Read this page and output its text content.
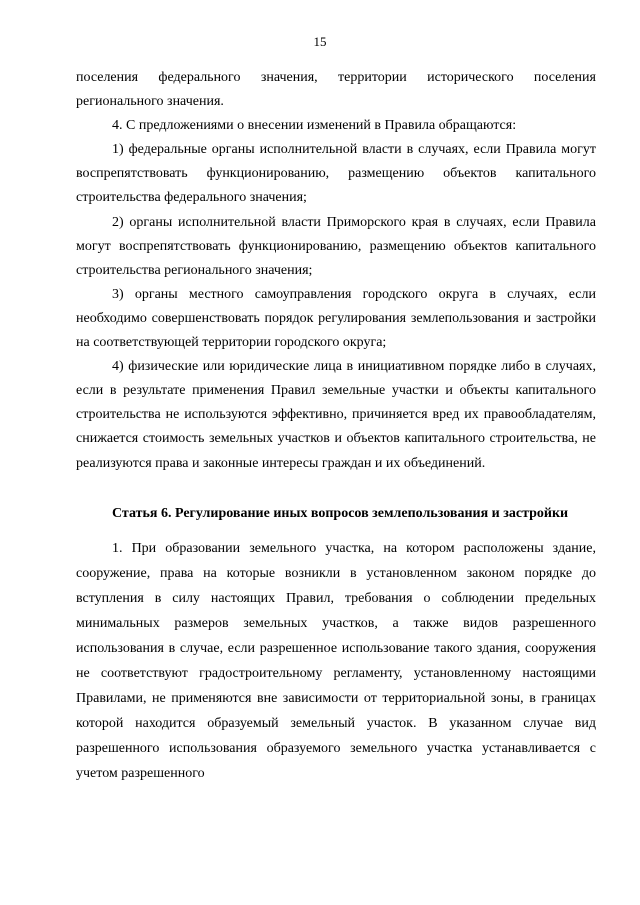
15

поселения федерального значения, территории исторического поселения регионального значения.

4. С предложениями о внесении изменений в Правила обращаются:

1) федеральные органы исполнительной власти в случаях, если Правила могут воспрепятствовать функционированию, размещению объектов капитального строительства федерального значения;

2) органы исполнительной власти Приморского края в случаях, если Правила могут воспрепятствовать функционированию, размещению объектов капитального строительства регионального значения;

3) органы местного самоуправления городского округа в случаях, если необходимо совершенствовать порядок регулирования землепользования и застройки на соответствующей территории городского округа;

4) физические или юридические лица в инициативном порядке либо в случаях, если в результате применения Правил земельные участки и объекты капитального строительства не используются эффективно, причиняется вред их правообладателям, снижается стоимость земельных участков и объектов капитального строительства, не реализуются права и законные интересы граждан и их объединений.

Статья 6. Регулирование иных вопросов землепользования и застройки

1. При образовании земельного участка, на котором расположены здание, сооружение, права на которые возникли в установленном законом порядке до вступления в силу настоящих Правил, требования о соблюдении предельных минимальных размеров земельных участков, а также видов разрешенного использования в случае, если разрешенное использование такого здания, сооружения не соответствуют градостроительному регламенту, установленному настоящими Правилами, не применяются вне зависимости от территориальной зоны, в границах которой находится образуемый земельный участок. В указанном случае вид разрешенного использования образуемого земельного участка устанавливается с учетом разрешенного
